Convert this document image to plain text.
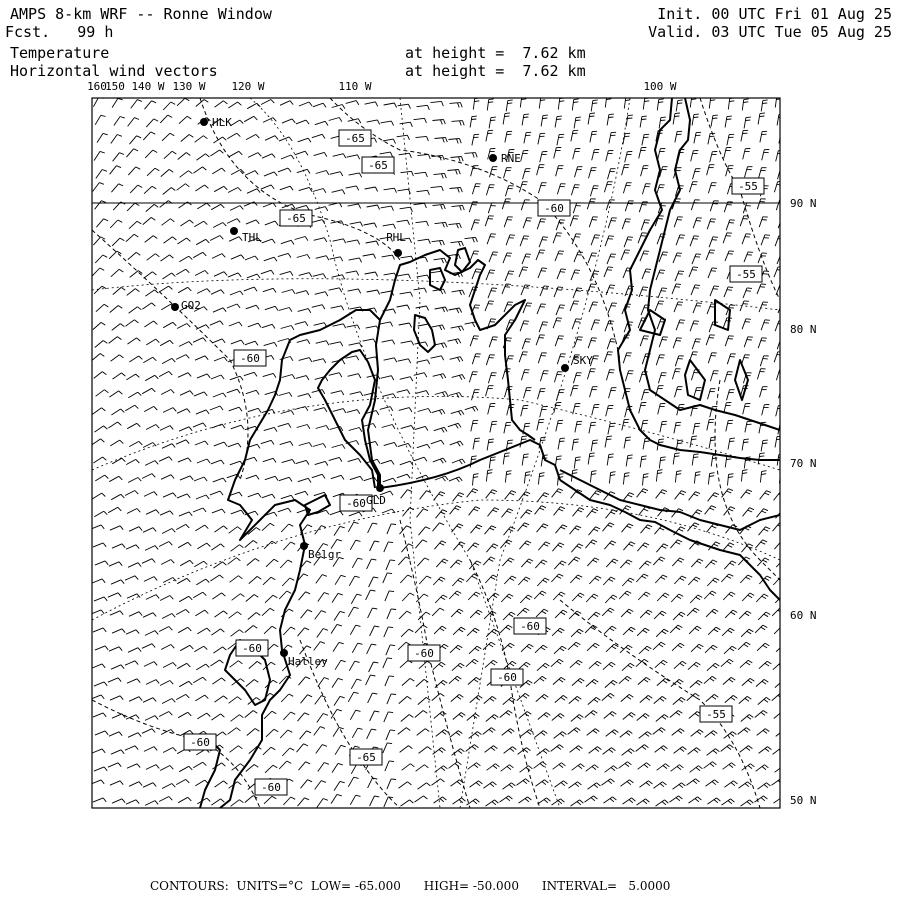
AMPS 8-km WRF -- Ronne Window
Fcst.   99 h
Temperature
Horizontal wind vectors
at height =  7.62 km
at height =  7.62 km
Init. 00 UTC Fri 01 Aug 25
Valid. 03 UTC Tue 05 Aug 25
-65
-65
-65
-60
-55
-55
-60
-60
-60
-60
-60
-55
-60
-65
-60
-60
HLK
RNE
THL	PHL
GO2
SKY
GLD
Belgr
Halley
160
150 140 W 130 W 120 W	110 W	100 W
90 N
80 N
70 N
60 N
50 N
CONTOURS:  UNITS=°C  LOW= -65.000      HIGH= -50.000      INTERVAL=   5.0000
